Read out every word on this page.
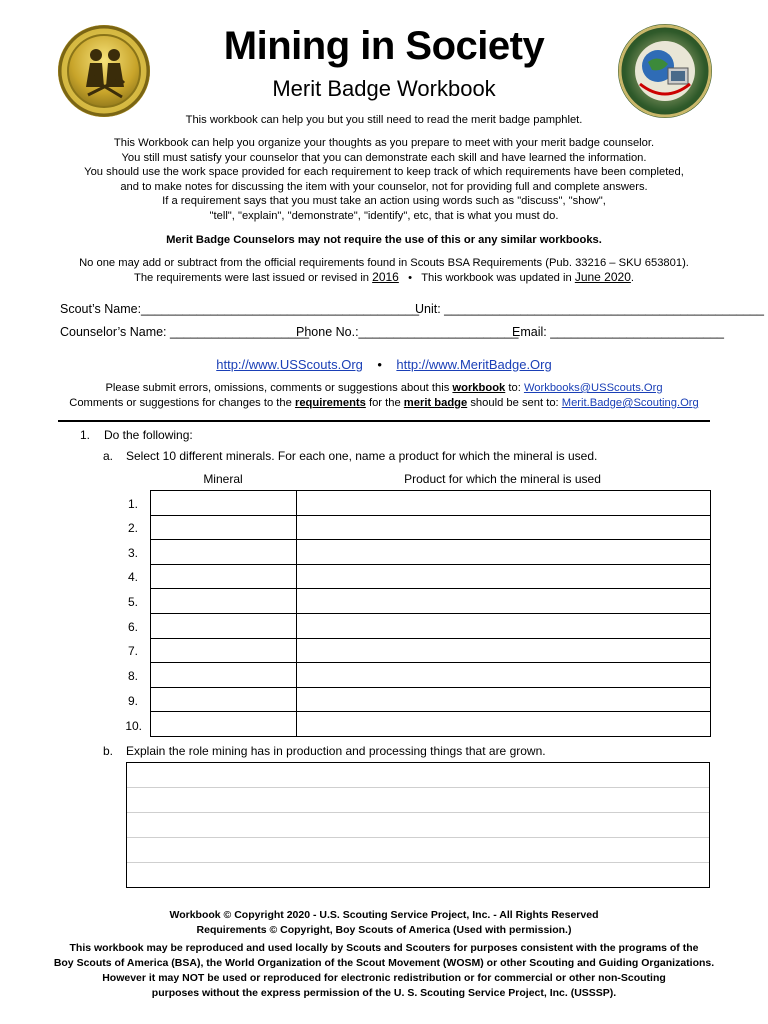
Mining in Society
Merit Badge Workbook
This workbook can help you but you still need to read the merit badge pamphlet.
This Workbook can help you organize your thoughts as you prepare to meet with your merit badge counselor.
You still must satisfy your counselor that you can demonstrate each skill and have learned the information.
You should use the work space provided for each requirement to keep track of which requirements have been completed,
and to make notes for discussing the item with your counselor, not for providing full and complete answers.
If a requirement says that you must take an action using words such as "discuss", "show",
"tell", "explain", "demonstrate", "identify", etc, that is what you must do.
Merit Badge Counselors may not require the use of this or any similar workbooks.
No one may add or subtract from the official requirements found in Scouts BSA Requirements (Pub. 33216 – SKU 653801).
The requirements were last issued or revised in 2016 • This workbook was updated in June 2020.
Scout’s Name:________________________________________
Unit: ______________________________________________
Counselor’s Name: ____________________
Phone No.:_______________________
Email: _________________________
http://www.USScouts.Org • http://www.MeritBadge.Org
Please submit errors, omissions, comments or suggestions about this workbook to: Workbooks@USScouts.Org
Comments or suggestions for changes to the requirements for the merit badge should be sent to: Merit.Badge@Scouting.Org
1. Do the following:
a. Select 10 different minerals. For each one, name a product for which the mineral is used.
Mineral	Product for which the mineral is used
1.
2.
3.
4.
5.
6.
7.
8.
9.
10.

b. Explain the role mining has in production and processing things that are grown.
Workbook © Copyright 2020 - U.S. Scouting Service Project, Inc. - All Rights Reserved
Requirements © Copyright, Boy Scouts of America (Used with permission.)
This workbook may be reproduced and used locally by Scouts and Scouters for purposes consistent with the programs of the
Boy Scouts of America (BSA), the World Organization of the Scout Movement (WOSM) or other Scouting and Guiding Organizations.
However it may NOT be used or reproduced for electronic redistribution or for commercial or other non-Scouting
purposes without the express permission of the U. S. Scouting Service Project, Inc. (USSSP).
